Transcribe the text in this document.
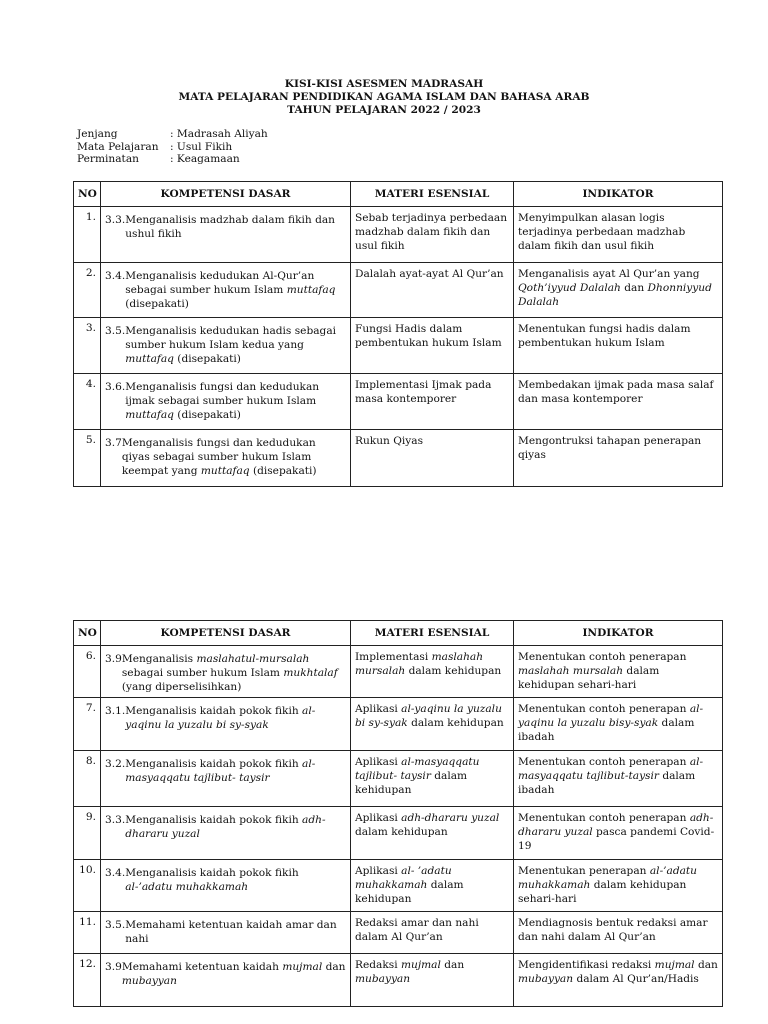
KISI-KISI ASESMEN MADRASAH
MATA PELAJARAN PENDIDIKAN AGAMA ISLAM DAN BAHASA ARAB
TAHUN PELAJARAN 2022 / 2023
Jenjang	: Madrasah Aliyah
Mata Pelajaran	: Usul Fikih
Perminatan	: Keagamaan
NO	KOMPETENSI DASAR	MATERI ESENSIAL	INDIKATOR
1.	3.3. Menganalisis madzhab dalam fikih dan ushul fikih	Sebab terjadinya perbedaan madzhab dalam fikih dan usul fikih	Menyimpulkan alasan logis terjadinya perbedaan madzhab dalam fikih dan usul fikih
2.	3.4. Menganalisis kedudukan Al-Qur’an sebagai sumber hukum Islam muttafaq (disepakati)	Dalalah ayat-ayat Al Qur’an	Menganalisis ayat Al Qur’an yang Qoth’iyyud Dalalah dan Dhonniyyud Dalalah
3.	3.5. Menganalisis kedudukan hadis sebagai sumber hukum Islam kedua yang muttafaq (disepakati)	Fungsi Hadis dalam pembentukan hukum Islam	Menentukan fungsi hadis dalam pembentukan hukum Islam
4.	3.6. Menganalisis fungsi dan kedudukan ijmak sebagai sumber hukum Islam muttafaq (disepakati)	Implementasi Ijmak pada masa kontemporer	Membedakan ijmak pada masa salaf dan masa kontemporer
5.	3.7 Menganalisis fungsi dan kedudukan qiyas sebagai sumber hukum Islam keempat yang muttafaq (disepakati)	Rukun Qiyas	Mengontruksi tahapan penerapan qiyas
NO	KOMPETENSI DASAR	MATERI ESENSIAL	INDIKATOR
6.	3.9 Menganalisis maslahatul-mursalah sebagai sumber hukum Islam mukhtalaf (yang diperselisihkan)	Implementasi maslahah mursalah dalam kehidupan	Menentukan contoh penerapan maslahah mursalah dalam kehidupan sehari-hari
7.	3.1. Menganalisis kaidah pokok fikih al-yaqinu la yuzalu bi sy-syak	Aplikasi al-yaqinu la yuzalu bi sy-syak dalam kehidupan	Menentukan contoh penerapan al-yaqinu la yuzalu bisy-syak dalam ibadah
8.	3.2. Menganalisis kaidah pokok fikih al-masyaqqatu tajlibut- taysir	Aplikasi al-masyaqqatu tajlibut- taysir dalam kehidupan	Menentukan contoh penerapan al-masyaqqatu tajlibut-taysir dalam ibadah
9.	3.3. Menganalisis kaidah pokok fikih adh-dhararu yuzal	Aplikasi adh-dhararu yuzal dalam kehidupan	Menentukan contoh penerapan adh-dhararu yuzal pasca pandemi Covid-19
10.	3.4. Menganalisis kaidah pokok fikih al-’adatu muhakkamah	Aplikasi al- ’adatu muhakkamah dalam kehidupan	Menentukan penerapan al-’adatu muhakkamah dalam kehidupan sehari-hari
11.	3.5. Memahami ketentuan kaidah amar dan nahi	Redaksi amar dan nahi dalam Al Qur’an	Mendiagnosis bentuk redaksi amar dan nahi dalam Al Qur’an
12.	3.9 Memahami ketentuan kaidah mujmal dan mubayyan	Redaksi mujmal dan mubayyan	Mengidentifikasi redaksi mujmal dan mubayyan dalam Al Qur’an/Hadis
